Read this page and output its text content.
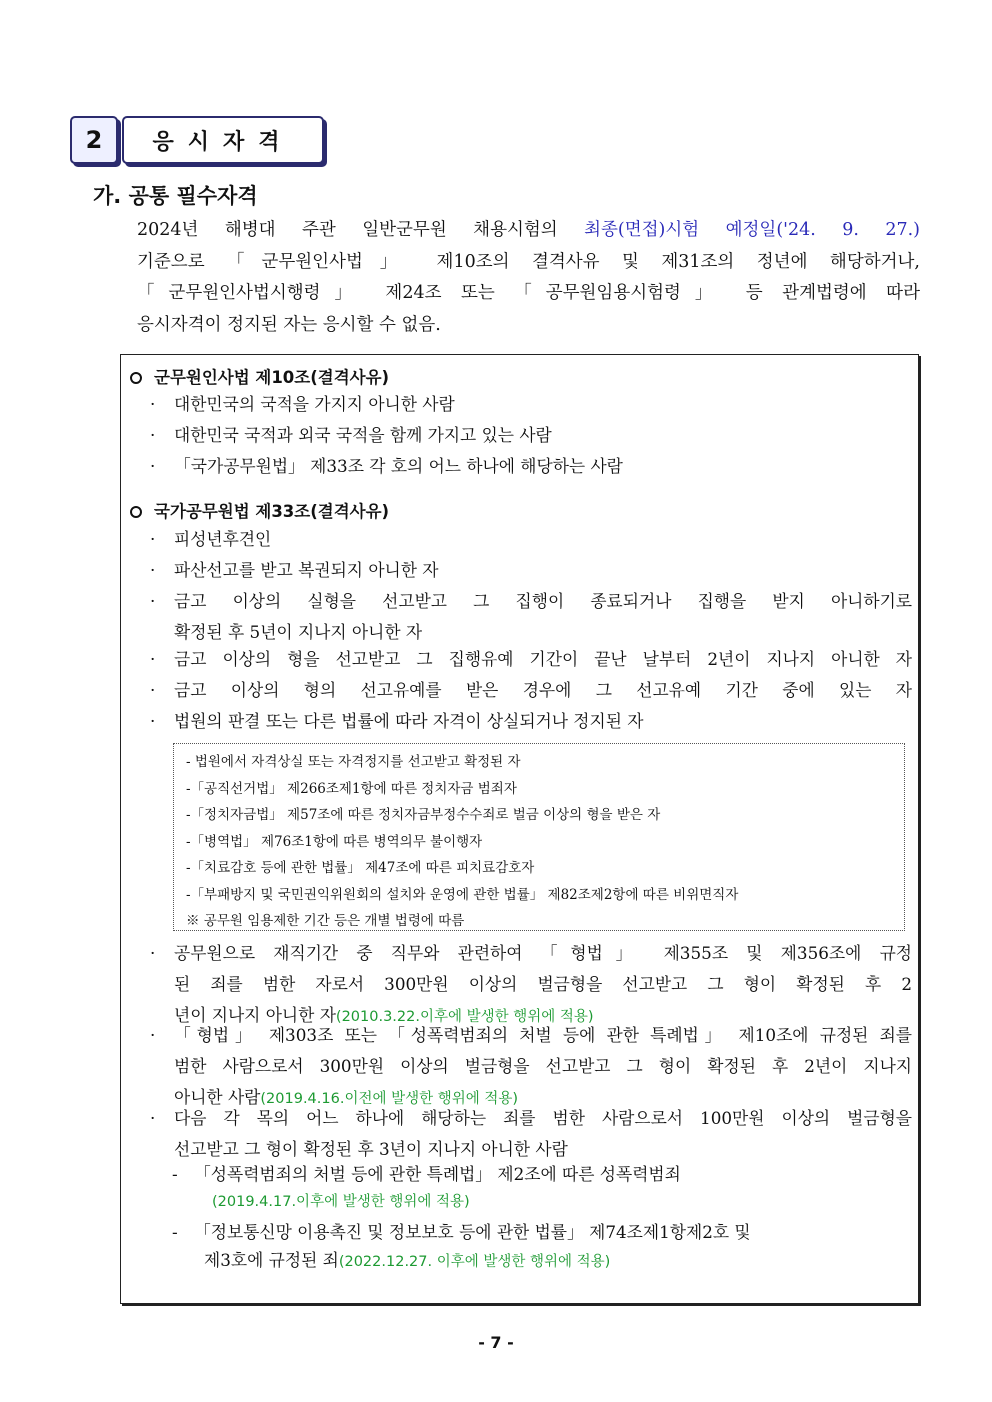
2	응시자격
가. 공통 필수자격
2024년 해병대 주관 일반군무원 채용시험의 최종(면접)시험 예정일('24. 9. 27.)
기준으로 「군무원인사법」 제10조의 결격사유 및 제31조의 정년에 해당하거나,
「군무원인사법시행령」 제24조 또는 「공무원임용시험령」 등 관계법령에 따라
응시자격이 정지된 자는 응시할 수 없음.
군무원인사법 제10조(결격사유)
· 대한민국의 국적을 가지지 아니한 사람
· 대한민국 국적과 외국 국적을 함께 가지고 있는 사람
· 「국가공무원법」 제33조 각 호의 어느 하나에 해당하는 사람
국가공무원법 제33조(결격사유)
· 피성년후견인
· 파산선고를 받고 복권되지 아니한 자
· 금고 이상의 실형을 선고받고 그 집행이 종료되거나 집행을 받지 아니하기로
확정된 후 5년이 지나지 아니한 자
· 금고 이상의 형을 선고받고 그 집행유예 기간이 끝난 날부터 2년이 지나지 아니한 자
· 금고 이상의 형의 선고유예를 받은 경우에 그 선고유예 기간 중에 있는 자
· 법원의 판결 또는 다른 법률에 따라 자격이 상실되거나 정지된 자
- 법원에서 자격상실 또는 자격정지를 선고받고 확정된 자
-「공직선거법」 제266조제1항에 따른 정치자금 범죄자
-「정치자금법」 제57조에 따른 정치자금부정수수죄로 벌금 이상의 형을 받은 자
-「병역법」 제76조1항에 따른 병역의무 불이행자
-「치료감호 등에 관한 법률」 제47조에 따른 피치료감호자
-「부패방지 및 국민권익위원회의 설치와 운영에 관한 법률」 제82조제2항에 따른 비위면직자
※ 공무원 임용제한 기간 등은 개별 법령에 따름
· 공무원으로 재직기간 중 직무와 관련하여 「형법」 제355조 및 제356조에 규정
된 죄를 범한 자로서 300만원 이상의 벌금형을 선고받고 그 형이 확정된 후 2
년이 지나지 아니한 자(2010.3.22.이후에 발생한 행위에 적용)
· 「형법」 제303조 또는 「성폭력범죄의 처벌 등에 관한 특례법」 제10조에 규정된 죄를
범한 사람으로서 300만원 이상의 벌금형을 선고받고 그 형이 확정된 후 2년이 지나지
아니한 사람(2019.4.16.이전에 발생한 행위에 적용)
· 다음 각 목의 어느 하나에 해당하는 죄를 범한 사람으로서 100만원 이상의 벌금형을
선고받고 그 형이 확정된 후 3년이 지나지 아니한 사람
- 「성폭력범죄의 처벌 등에 관한 특례법」 제2조에 따른 성폭력범죄
(2019.4.17.이후에 발생한 행위에 적용)
- 「정보통신망 이용촉진 및 정보보호 등에 관한 법률」 제74조제1항제2호 및
제3호에 규정된 죄(2022.12.27. 이후에 발생한 행위에 적용)
- 7 -
